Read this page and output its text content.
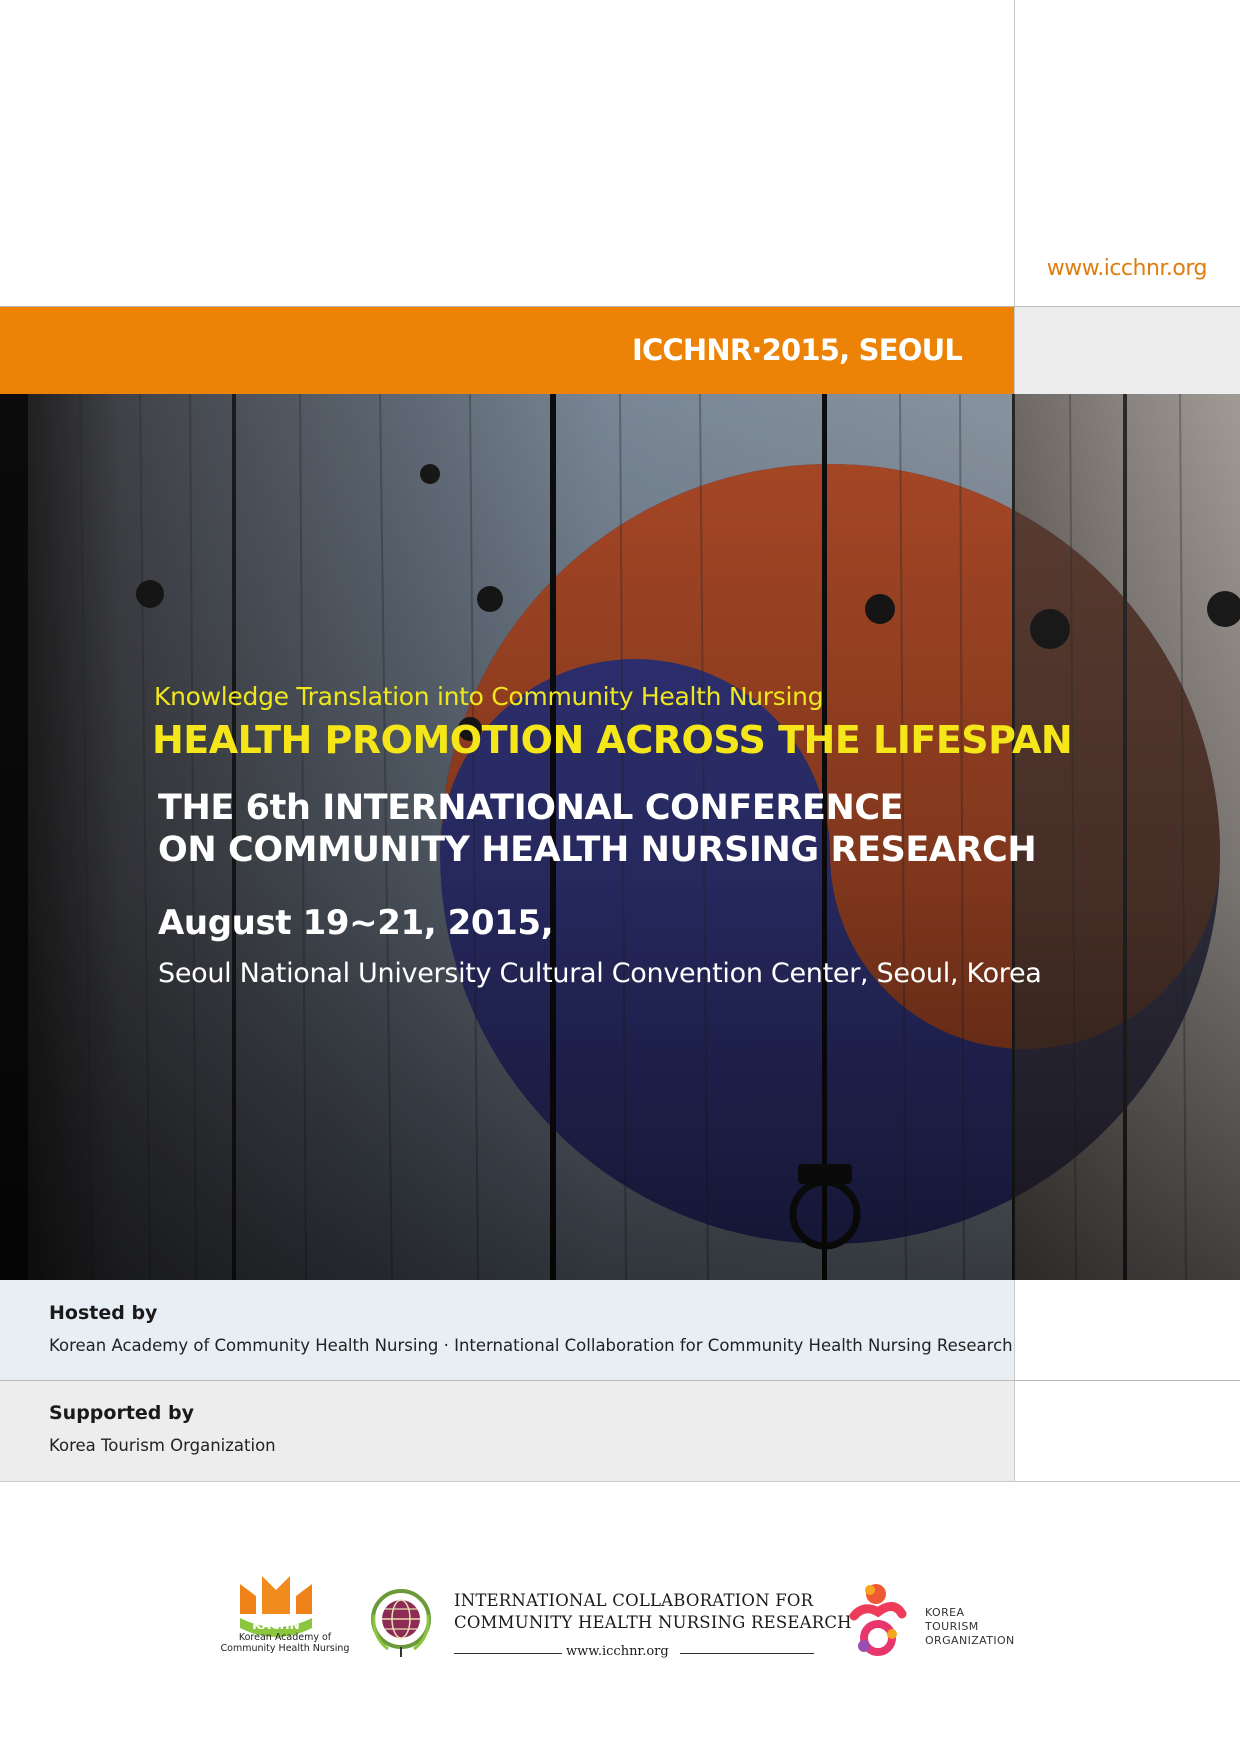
www.icchnr.org
ICCHNR·2015, SEOUL
Knowledge Translation into Community Health Nursing
HEALTH PROMOTION ACROSS THE LIFESPAN
THE 6th INTERNATIONAL CONFERENCE
ON COMMUNITY HEALTH NURSING RESEARCH
August 19~21, 2015,
Seoul National University Cultural Convention Center, Seoul, Korea
Hosted by
Korean Academy of Community Health Nursing · International Collaboration for Community Health Nursing Research
Supported by
Korea Tourism Organization
KACHN
Korean Academy of
Community Health Nursing
INTERNATIONAL COLLABORATION FOR
COMMUNITY HEALTH NURSING RESEARCH
www.icchnr.org
KOREA
TOURISM
ORGANIZATION
